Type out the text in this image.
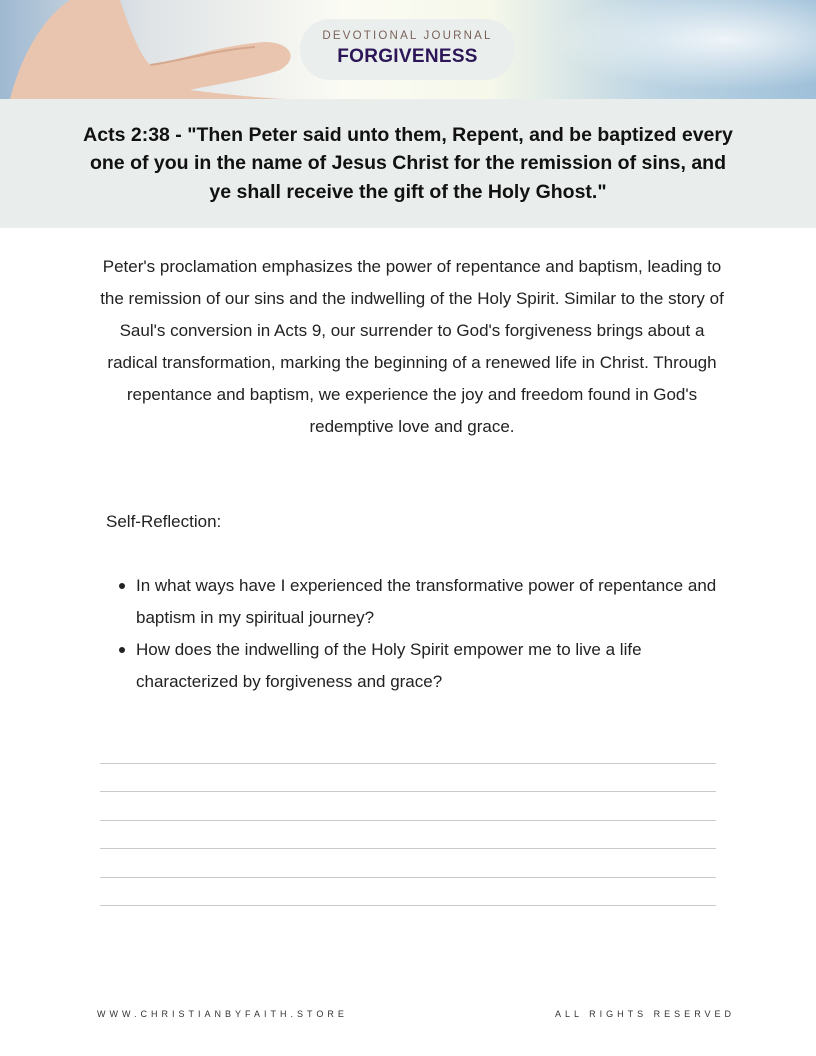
DEVOTIONAL JOURNAL
FORGIVENESS
Acts 2:38 - "Then Peter said unto them, Repent, and be baptized every one of you in the name of Jesus Christ for the remission of sins, and ye shall receive the gift of the Holy Ghost."
Peter's proclamation emphasizes the power of repentance and baptism, leading to the remission of our sins and the indwelling of the Holy Spirit. Similar to the story of Saul's conversion in Acts 9, our surrender to God's forgiveness brings about a radical transformation, marking the beginning of a renewed life in Christ. Through repentance and baptism, we experience the joy and freedom found in God's redemptive love and grace.
Self-Reflection:
In what ways have I experienced the transformative power of repentance and baptism in my spiritual journey?
How does the indwelling of the Holy Spirit empower me to live a life characterized by forgiveness and grace?
WWW.CHRISTIANBYFAITH.STORE	ALL RIGHTS RESERVED
